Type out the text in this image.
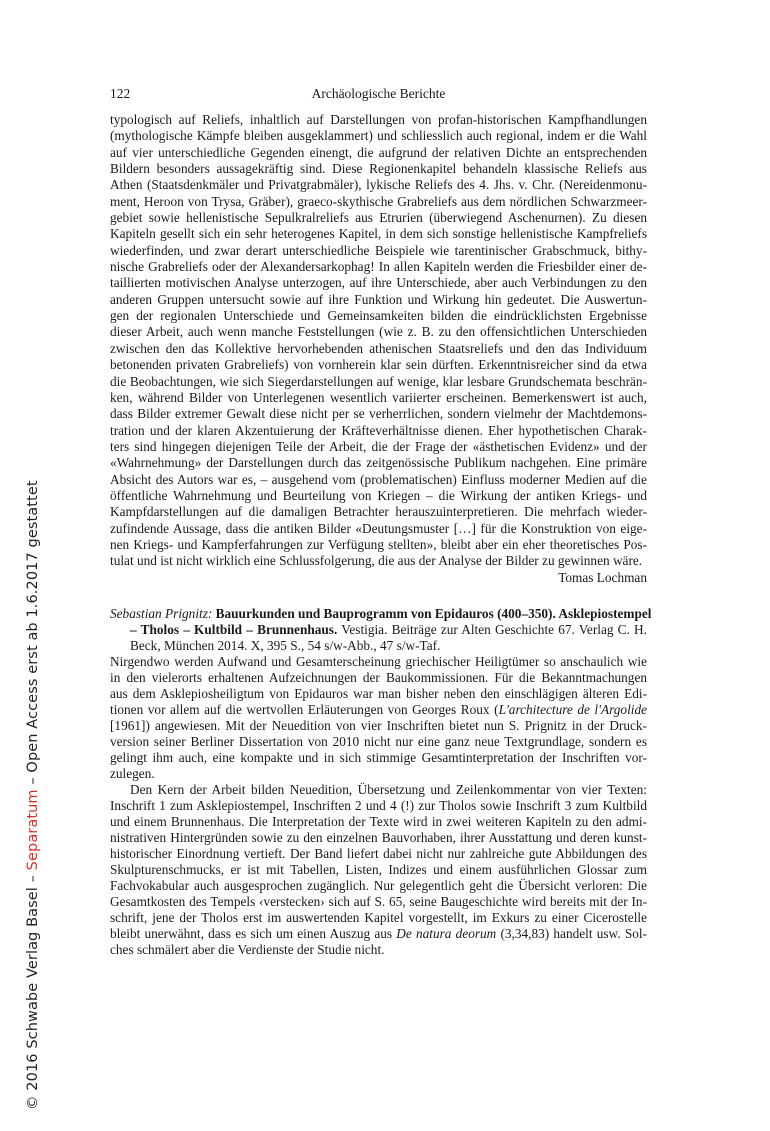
122	Archäologische Berichte
typologisch auf Reliefs, inhaltlich auf Darstellungen von profan-historischen Kampfhandlungen
(mythologische Kämpfe bleiben ausgeklammert) und schliesslich auch regional, indem er die Wahl
auf vier unterschiedliche Gegenden einengt, die aufgrund der relativen Dichte an entsprechenden
Bildern besonders aussagekräftig sind. Diese Regionenkapitel behandeln klassische Reliefs aus
Athen (Staatsdenkmäler und Privatgrabmäler), lykische Reliefs des 4. Jhs. v. Chr. (Nereidenmonu-
ment, Heroon von Trysa, Gräber), graeco-skythische Grabreliefs aus dem nördlichen Schwarzmeer-
gebiet sowie hellenistische Sepulkralreliefs aus Etrurien (überwiegend Aschenurnen). Zu diesen
Kapiteln gesellt sich ein sehr heterogenes Kapitel, in dem sich sonstige hellenistische Kampfreliefs
wiederfinden, und zwar derart unterschiedliche Beispiele wie tarentinischer Grabschmuck, bithy-
nische Grabreliefs oder der Alexandersarkophag! In allen Kapiteln werden die Friesbilder einer de-
taillierten motivischen Analyse unterzogen, auf ihre Unterschiede, aber auch Verbindungen zu den
anderen Gruppen untersucht sowie auf ihre Funktion und Wirkung hin gedeutet. Die Auswertun-
gen der regionalen Unterschiede und Gemeinsamkeiten bilden die eindrücklichsten Ergebnisse
dieser Arbeit, auch wenn manche Feststellungen (wie z. B. zu den offensichtlichen Unterschieden
zwischen den das Kollektive hervorhebenden athenischen Staatsreliefs und den das Individuum
betonenden privaten Grabreliefs) von vornherein klar sein dürften. Erkenntnisreicher sind da etwa
die Beobachtungen, wie sich Siegerdarstellungen auf wenige, klar lesbare Grundschemata beschrän-
ken, während Bilder von Unterlegenen wesentlich variierter erscheinen. Bemerkenswert ist auch,
dass Bilder extremer Gewalt diese nicht per se verherrlichen, sondern vielmehr der Machtdemons-
tration und der klaren Akzentuierung der Kräfteverhältnisse dienen. Eher hypothetischen Charak-
ters sind hingegen diejenigen Teile der Arbeit, die der Frage der «ästhetischen Evidenz» und der
«Wahrnehmung» der Darstellungen durch das zeitgenössische Publikum nachgehen. Eine primäre
Absicht des Autors war es, – ausgehend vom (problematischen) Einfluss moderner Medien auf die
öffentliche Wahrnehmung und Beurteilung von Kriegen – die Wirkung der antiken Kriegs- und
Kampfdarstellungen auf die damaligen Betrachter herauszuinterpretieren. Die mehrfach wieder-
zufindende Aussage, dass die antiken Bilder «Deutungsmuster […] für die Konstruktion von eige-
nen Kriegs- und Kampferfahrungen zur Verfügung stellten», bleibt aber ein eher theoretisches Pos-
tulat und ist nicht wirklich eine Schlussfolgerung, die aus der Analyse der Bilder zu gewinnen wäre.
Tomas Lochman
Sebastian Prignitz: Bauurkunden und Bauprogramm von Epidauros (400–350). Asklepiostempel
– Tholos – Kultbild – Brunnenhaus. Vestigia. Beiträge zur Alten Geschichte 67. Verlag C. H.
Beck, München 2014. X, 395 S., 54 s/w-Abb., 47 s/w-Taf.
Nirgendwo werden Aufwand und Gesamterscheinung griechischer Heiligtümer so anschaulich wie
in den vielerorts erhaltenen Aufzeichnungen der Baukommissionen. Für die Bekanntmachungen
aus dem Asklepiosheiligtum von Epidauros war man bisher neben den einschlägigen älteren Edi-
tionen vor allem auf die wertvollen Erläuterungen von Georges Roux (L'architecture de l'Argolide
[1961]) angewiesen. Mit der Neuedition von vier Inschriften bietet nun S. Prignitz in der Druck-
version seiner Berliner Dissertation von 2010 nicht nur eine ganz neue Textgrundlage, sondern es
gelingt ihm auch, eine kompakte und in sich stimmige Gesamtinterpretation der Inschriften vor-
zulegen.
Den Kern der Arbeit bilden Neuedition, Übersetzung und Zeilenkommentar von vier Texten:
Inschrift 1 zum Asklepiostempel, Inschriften 2 und 4 (!) zur Tholos sowie Inschrift 3 zum Kultbild
und einem Brunnenhaus. Die Interpretation der Texte wird in zwei weiteren Kapiteln zu den admi-
nistrativen Hintergründen sowie zu den einzelnen Bauvorhaben, ihrer Ausstattung und deren kunst-
historischer Einordnung vertieft. Der Band liefert dabei nicht nur zahlreiche gute Abbildungen des
Skulpturenschmucks, er ist mit Tabellen, Listen, Indizes und einem ausführlichen Glossar zum
Fachvokabular auch ausgesprochen zugänglich. Nur gelegentlich geht die Übersicht verloren: Die
Gesamtkosten des Tempels ‹verstecken› sich auf S. 65, seine Baugeschichte wird bereits mit der In-
schrift, jene der Tholos erst im auswertenden Kapitel vorgestellt, im Exkurs zu einer Cicerostelle
bleibt unerwähnt, dass es sich um einen Auszug aus De natura deorum (3,34,83) handelt usw. Sol-
ches schmälert aber die Verdienste der Studie nicht.
© 2016 Schwabe Verlag Basel – Separatum – Open Access erst ab 1.6.2017 gestattet
